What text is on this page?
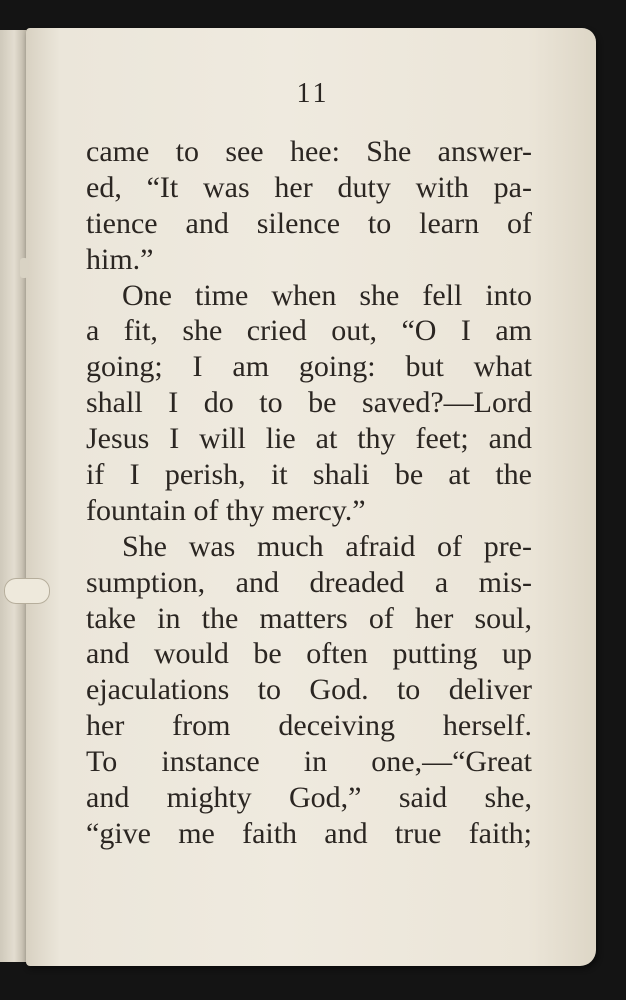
11
came to see hee: She answer-
ed, “It was her duty with pa-
tience and silence to learn of
him.”
One time when she fell into
a fit, she cried out, “O I am
going; I am going: but what
shall I do to be saved?—Lord
Jesus I will lie at thy feet; and
if I perish, it shali be at the
fountain of thy mercy.”
She was much afraid of pre-
sumption, and dreaded a mis-
take in the matters of her soul,
and would be often putting up
ejaculations to God. to deliver
her from deceiving herself.
To instance in one,—“Great
and mighty God,” said she,
“give me faith and true faith;
